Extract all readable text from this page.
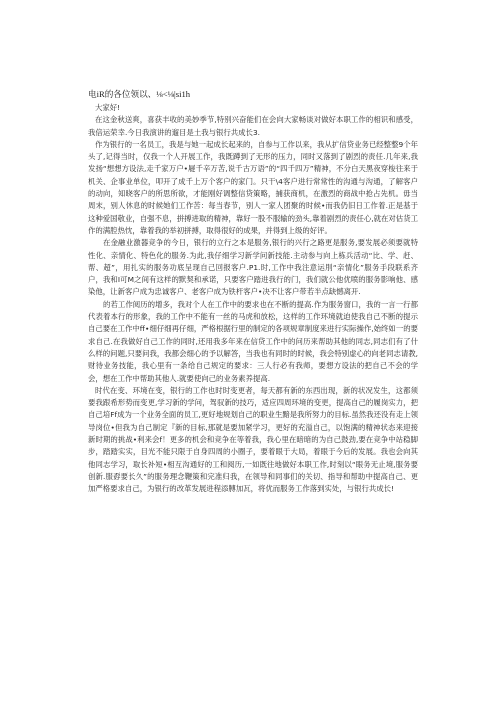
电iR的各位领以、⅛<⅛|si1h

大家好!

在这金秋送爽，喜获丰收的美妙季节,特别兴奋能们在会向大家畅谈对做好本职工作的相识和感受，我倍运荣幸.今日我演讲的遛目是土我与银行共成长3.

作为银行的一名员工，我是与她一起成长起来的，自参与工作以来，我从扩信贷业务已经整整9个年头了,记得当时，仅我一个人开展工作，我既蹲到了无形的压力，同时又落到了剧烈的责任.几年来,我发扬“想想方设法,走千家万户•屣千辛万苦,说千古万语”的“四千四万”精神，不分白天黑夜穿梭往来于机关、企事业单位，叩开了成千上万个客户的家门。只干\4客户进行常常性的沟通与沟通，了解客户的动向，知晓客户的所思所欲，才能刚好调整信贷策略，捕获商机，在激烈的商战中抢占先机。毋当周末，别人休息的时候她们工作苦：每当春节，别人一家人团聚的时候•而我仍旧日工作着.正是基于这种爱国敬业，自强不息，拼搏进取的精神，靠好一股不服输的劲头,靠着剧烈的责任心,就在对估货工作的满腔热忱，靠着我的举初拼搏，取得很好的成果，并得到上级的好评。

在金融业激器竞争的今日，银行的立行之本是服务,银行的兴行之路更是服务,要发展必须要就特性化、亲情化、特色化的服务.为此,我仔细学习新学问新技能.主动参与向上栋兵活动“比、学、赶、帮、超”，用扎实的服务功底呈现自己回报客户.P1.时,工作中我注意运刖“亲情化”服务手段联系齐户，我和I可M之间有这样的默契和承诺，只要客户踏进我行的门，我们就公他优喷的服务影响他、感染他，让新客户成为忠诚客户、老客户成为铁杆客户•决不让客户带若半点缺憾离开.

的若工作阅历的增多，我对个人在工作中的要求也在不断的提高.作为服务窗口，我的一言一行都代表着本行的形象，我的工作中不能有一丝的马虎和放松，这样的工作环境就迫使我自己不断的提示自己要在工作中ff∙细仔细再仔细，严格根据行里的制定的各项规章制度来进行实际操作,始终如一的要求自己.在我做好自己工作的同时,还用我多年来在信贷工作中的问历来帮助其他的同志,同志们有了什么样的问题,只要问我，我都会细心的予以解答，当我也有同时的时候，我会特别虚心的向老同志请教,财待业务技能，我心里有一条给自己规定的要求：三人行必有我师，要想方设法的把自己不会的学会，想在工作中帮助其他人.就要使向己的业务素养提高.

时代在变、环境在变，银行的工作也时时变更者，每天都有新的东西出现，新的状况发生，这都须要我跟希形势而变更,学习新的学问，驾驭新的技巧，适应四周环境的变更，提高自己的履岗实力，把自己培Ff成为一个业务全面的员工,更好地规划自己的职业生黯是我所努力的目标.虽然我还没有走上领导岗位•但我为自己制定『新的目标,那就是要加紧学习，更好的充溢自己，以饱满的精神状态来迎接新时期的挑战•利来会f！更多的机会和竞争在等着我，我心里在暗暗的为自己鼓劲,要在竞争中站稳脚步，踏踏实实，目光不能只限于自身四周的小圈子，要着眼于大局，着眼于今后的发展。我也会向其他同志学习，取长补短•相互沟通好的工和阅历,一如既往地做好本职工作,时刻以“眼务无止境,服务要创新.服孬要长久”的服务理念鞭策和完准归我，在领导和同事们的关切、指导和帮助中提高自己、更加严格要求自己，为银行的改革发展进程添膊加瓦，将优而服务工作落到实处，与银行共成长!
